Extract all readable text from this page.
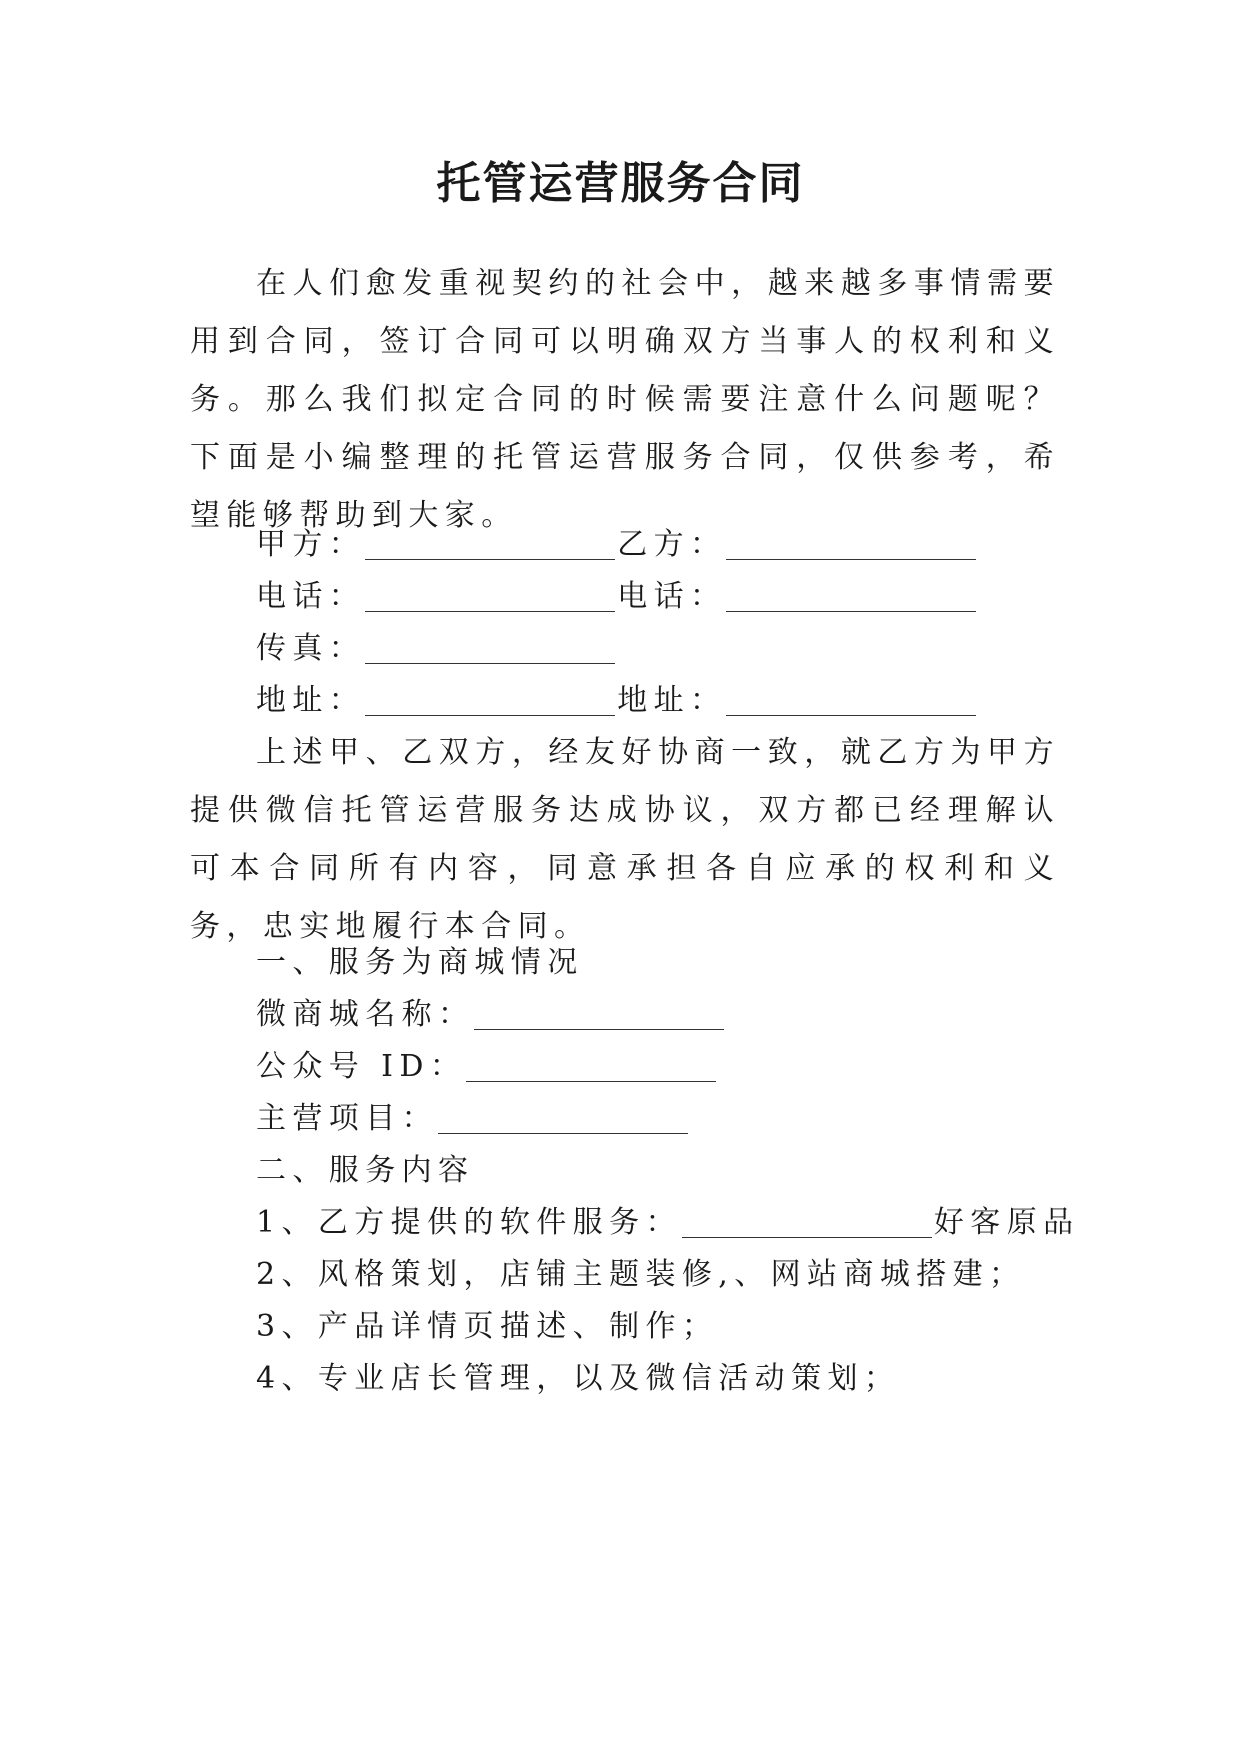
托管运营服务合同

在人们愈发重视契约的社会中，越来越多事情需要用到合同，签订合同可以明确双方当事人的权利和义务。那么我们拟定合同的时候需要注意什么问题呢？下面是小编整理的托管运营服务合同，仅供参考，希望能够帮助到大家。

甲方：	乙方：
电话：	电话：
传真：
地址：	地址：

上述甲、乙双方，经友好协商一致，就乙方为甲方提供微信托管运营服务达成协议，双方都已经理解认可本合同所有内容，同意承担各自应承的权利和义务，忠实地履行本合同。

一、服务为商城情况
微商城名称：
公众号 ID：
主营项目：
二、服务内容
1、乙方提供的软件服务：	好客原品
2、风格策划，店铺主题装修,、网站商城搭建；
3、产品详情页描述、制作；
4、专业店长管理，以及微信活动策划；
